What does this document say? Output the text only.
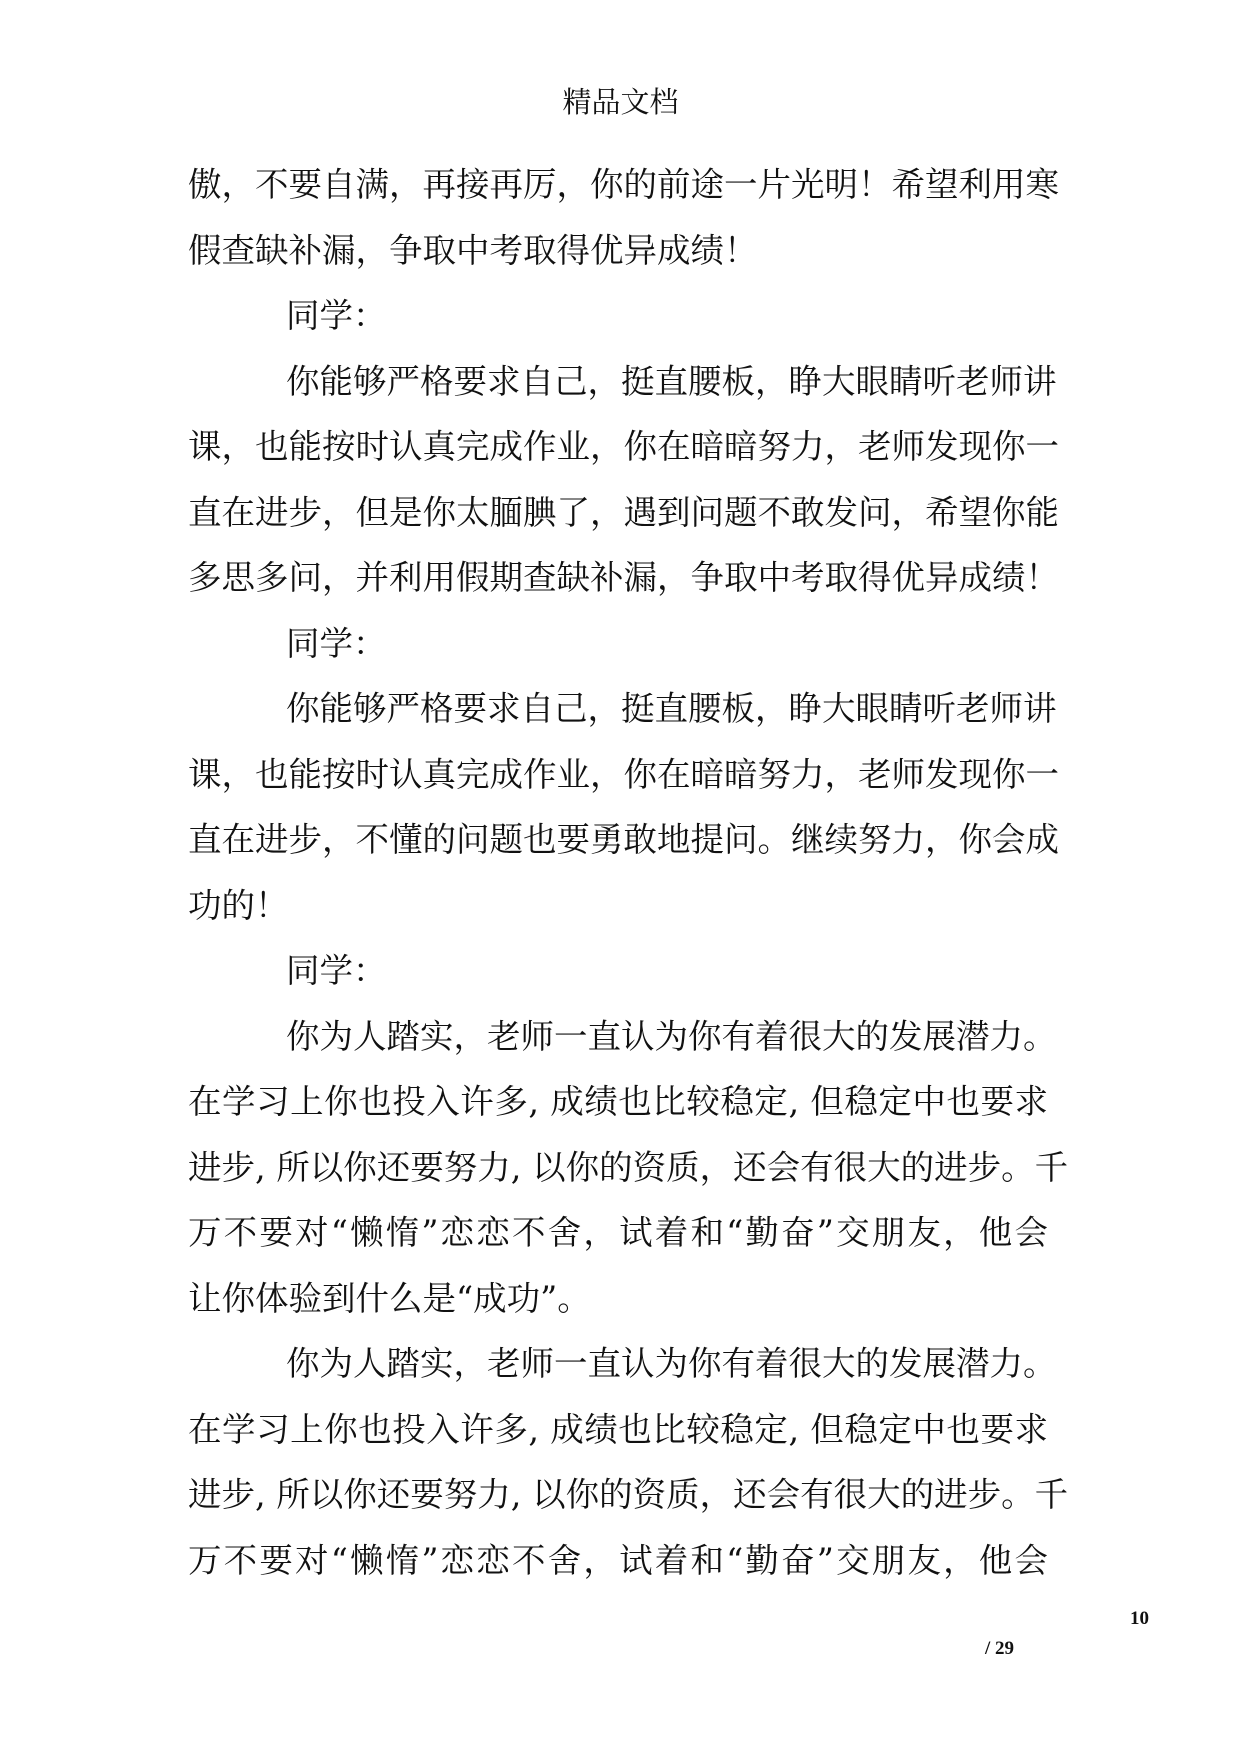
精品文档
傲，不要自满，再接再厉，你的前途一片光明！希望利用寒
假查缺补漏，争取中考取得优异成绩！
同学：
你能够严格要求自己，挺直腰板，睁大眼睛听老师讲
课，也能按时认真完成作业，你在暗暗努力，老师发现你一
直在进步，但是你太腼腆了，遇到问题不敢发问，希望你能
多思多问，并利用假期查缺补漏，争取中考取得优异成绩！
同学：
你能够严格要求自己，挺直腰板，睁大眼睛听老师讲
课，也能按时认真完成作业，你在暗暗努力，老师发现你一
直在进步，不懂的问题也要勇敢地提问。继续努力，你会成
功的！
同学：
你为人踏实，老师一直认为你有着很大的发展潜力。
在学习上你也投入许多, 成绩也比较稳定, 但稳定中也要求
进步, 所以你还要努力, 以你的资质，还会有很大的进步。千
万不要对“懒惰”恋恋不舍，试着和“勤奋”交朋友，他会
让你体验到什么是“成功”。
你为人踏实，老师一直认为你有着很大的发展潜力。
在学习上你也投入许多, 成绩也比较稳定, 但稳定中也要求
进步, 所以你还要努力, 以你的资质，还会有很大的进步。千
万不要对“懒惰”恋恋不舍，试着和“勤奋”交朋友，他会
10
/ 29
